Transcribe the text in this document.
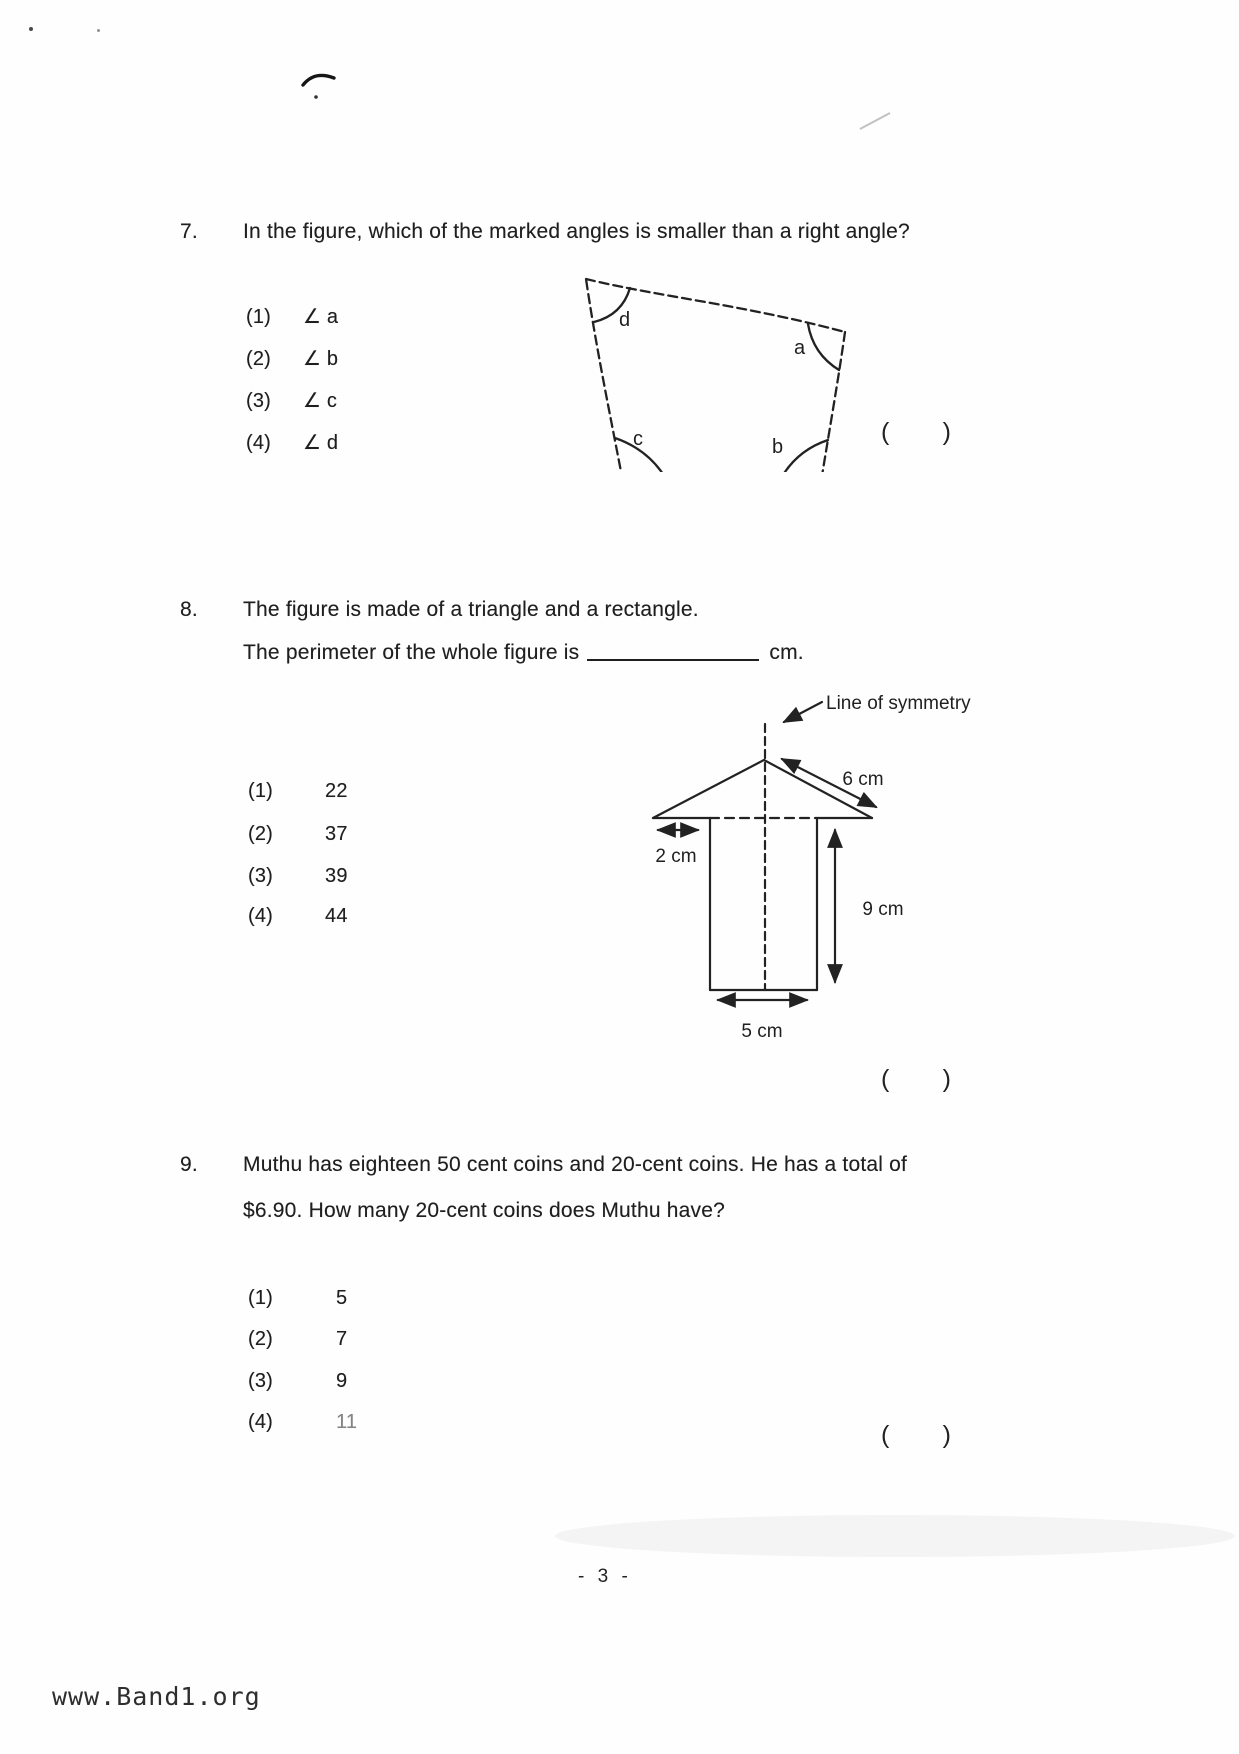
7. In the figure, which of the marked angles is smaller than a right angle?
(1) ∠ a
(2) ∠ b
(3) ∠ c
(4) ∠ d
d
a
c	b
( )
8. The figure is made of a triangle and a rectangle.
The perimeter of the whole figure is	cm.
(1)	22
(2)	37
(3)	39
(4)	44
Line of symmetry
6 cm
2 cm
9 cm
5 cm
( )
9. Muthu has eighteen 50 cent coins and 20-cent coins. He has a total of
$6.90. How many 20-cent coins does Muthu have?
(1)	5
(2)	7
(3)	9
(4)	11	( )
- 3 -
www.Band1.org
